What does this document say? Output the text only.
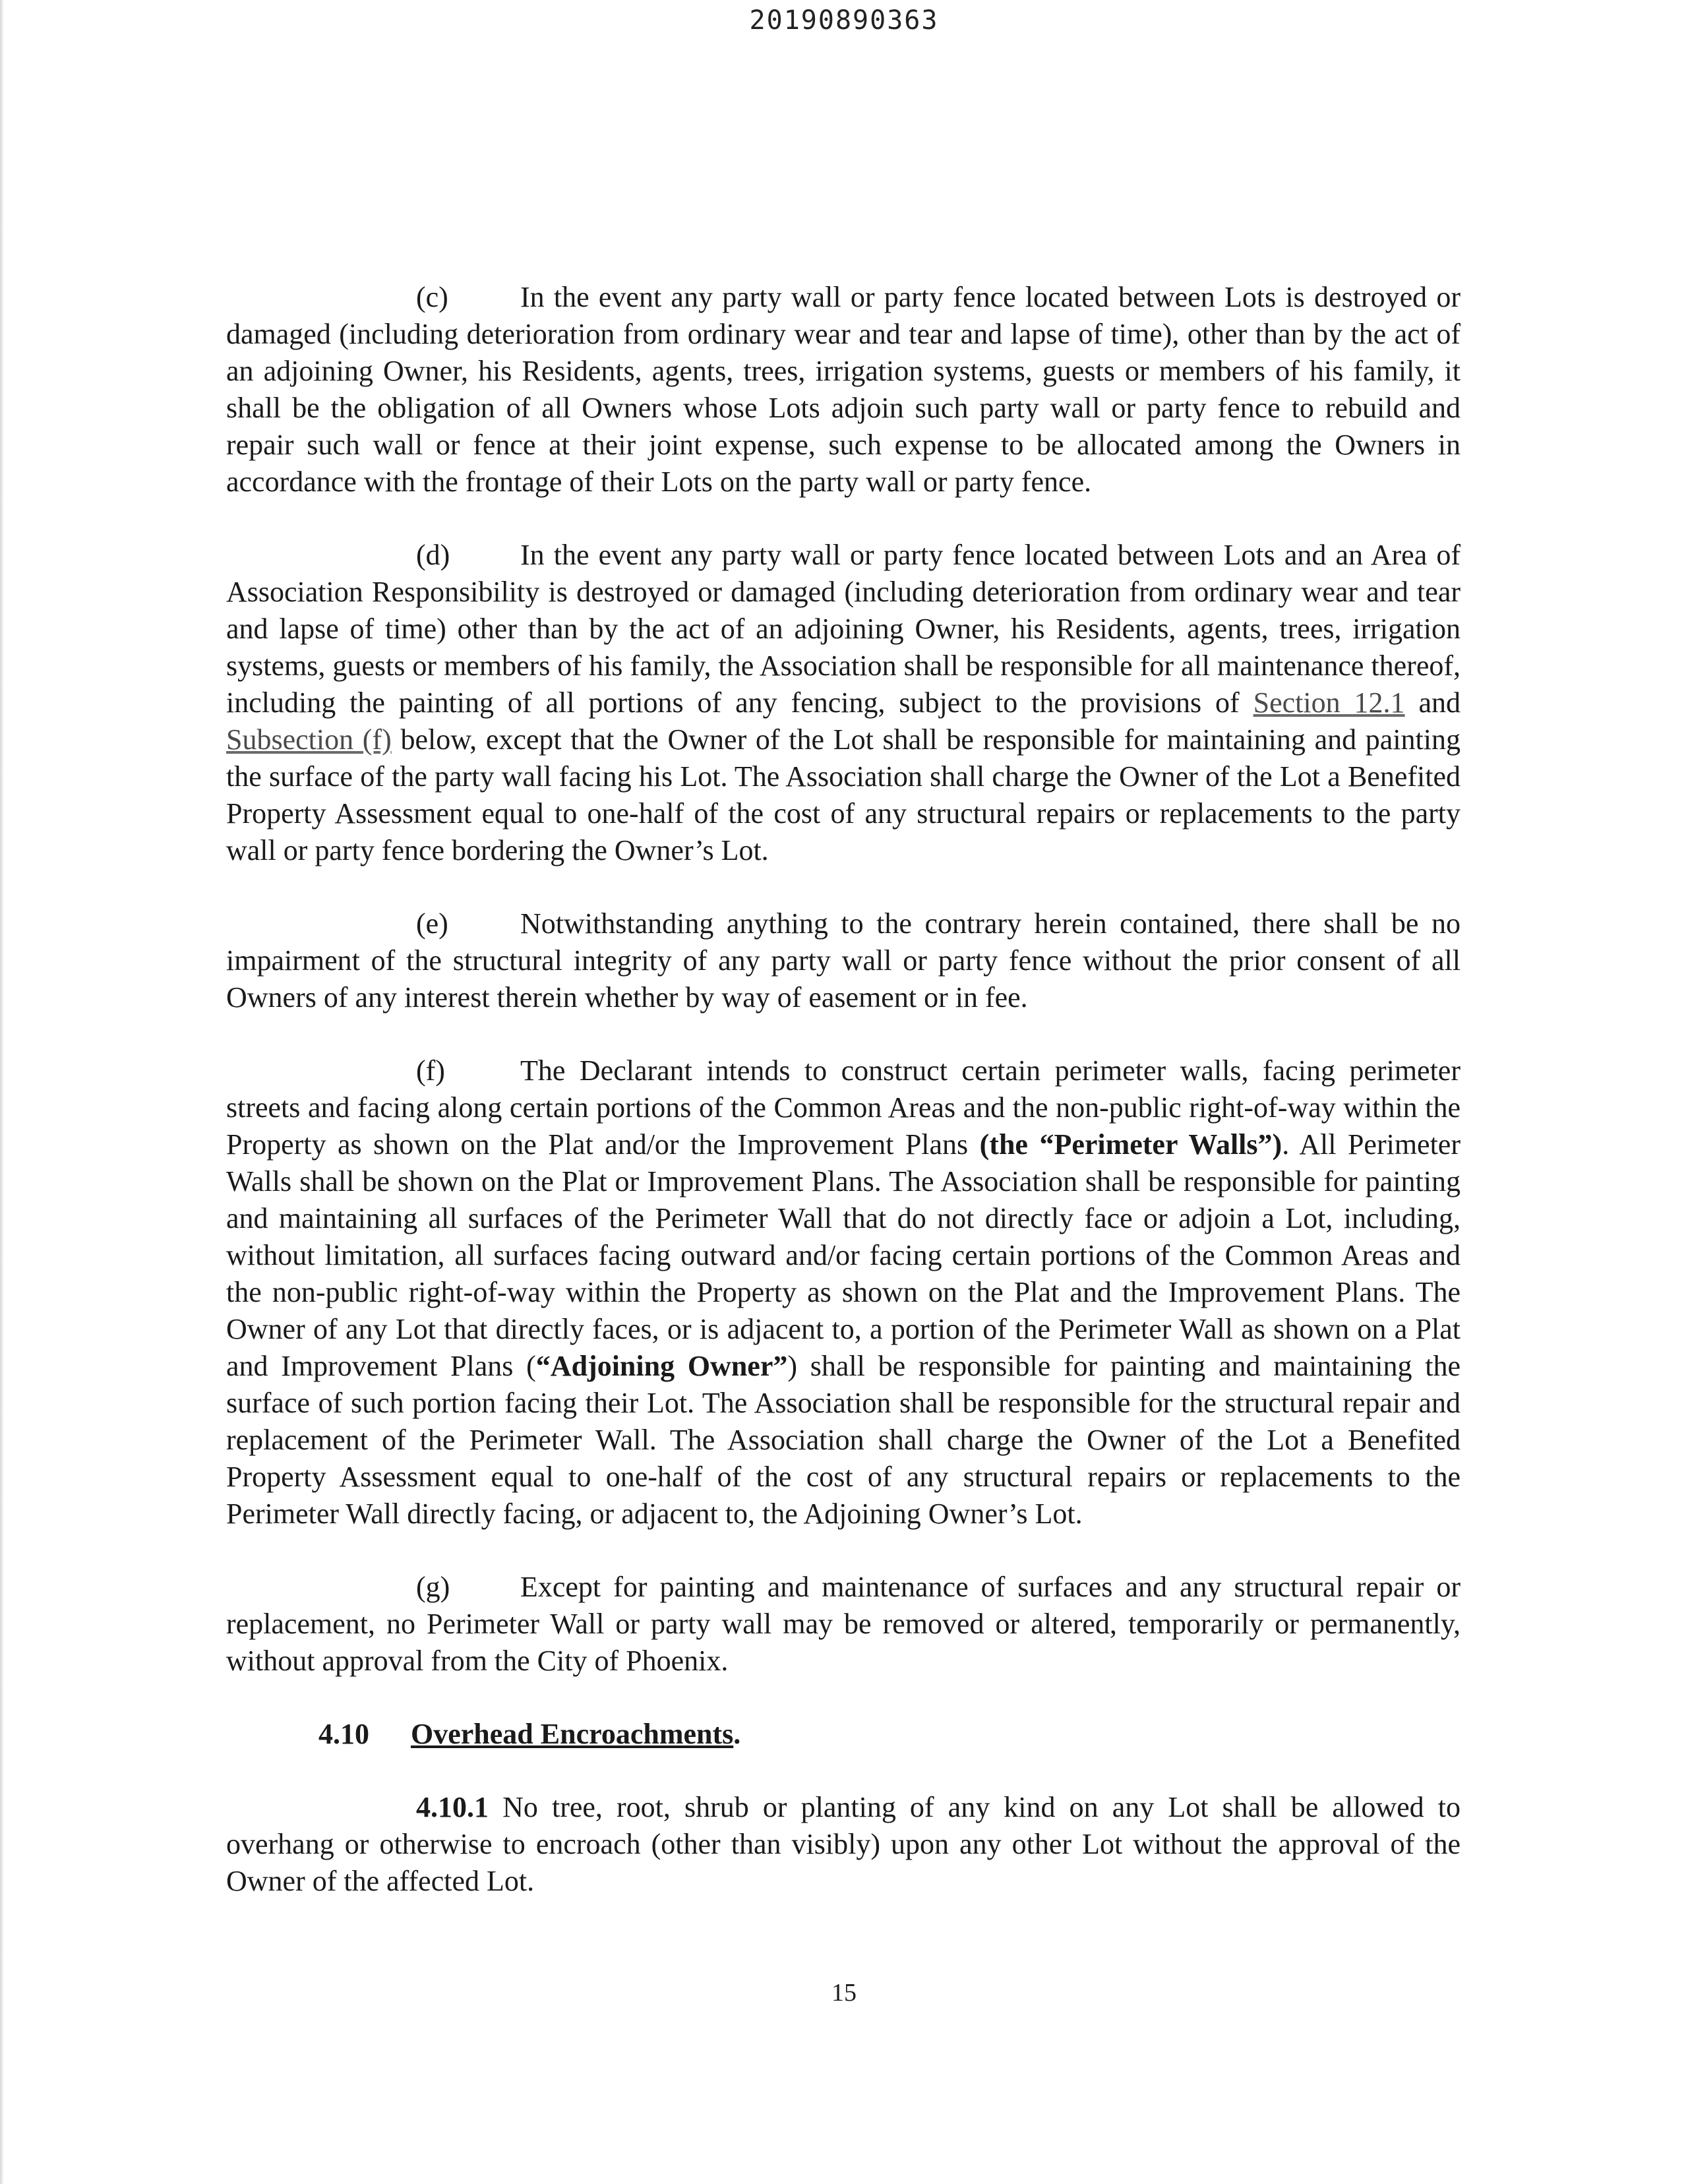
20190890363

(c) In the event any party wall or party fence located between Lots is destroyed or damaged (including deterioration from ordinary wear and tear and lapse of time), other than by the act of an adjoining Owner, his Residents, agents, trees, irrigation systems, guests or members of his family, it shall be the obligation of all Owners whose Lots adjoin such party wall or party fence to rebuild and repair such wall or fence at their joint expense, such expense to be allocated among the Owners in accordance with the frontage of their Lots on the party wall or party fence.

(d) In the event any party wall or party fence located between Lots and an Area of Association Responsibility is destroyed or damaged (including deterioration from ordinary wear and tear and lapse of time) other than by the act of an adjoining Owner, his Residents, agents, trees, irrigation systems, guests or members of his family, the Association shall be responsible for all maintenance thereof, including the painting of all portions of any fencing, subject to the provisions of Section 12.1 and Subsection (f) below, except that the Owner of the Lot shall be responsible for maintaining and painting the surface of the party wall facing his Lot. The Association shall charge the Owner of the Lot a Benefited Property Assessment equal to one-half of the cost of any structural repairs or replacements to the party wall or party fence bordering the Owner’s Lot.

(e) Notwithstanding anything to the contrary herein contained, there shall be no impairment of the structural integrity of any party wall or party fence without the prior consent of all Owners of any interest therein whether by way of easement or in fee.

(f)	The Declarant intends to construct certain perimeter walls, facing perimeter streets and facing along certain portions of the Common Areas and the non-public right-of-way within the Property as shown on the Plat and/or the Improvement Plans (the “Perimeter Walls”). All Perimeter Walls shall be shown on the Plat or Improvement Plans. The Association shall be responsible for painting and maintaining all surfaces of the Perimeter Wall that do not directly face or adjoin a Lot, including, without limitation, all surfaces facing outward and/or facing certain portions of the Common Areas and the non-public right-of-way within the Property as shown on the Plat and the Improvement Plans. The Owner of any Lot that directly faces, or is adjacent to, a portion of the Perimeter Wall as shown on a Plat and Improvement Plans (“Adjoining Owner”) shall be responsible for painting and maintaining the surface of such portion facing their Lot. The Association shall be responsible for the structural repair and replacement of the Perimeter Wall. The Association shall charge the Owner of the Lot a Benefited Property Assessment equal to one-half of the cost of any structural repairs or replacements to the Perimeter Wall directly facing, or adjacent to, the Adjoining Owner’s Lot.

(g) Except for painting and maintenance of surfaces and any structural repair or replacement, no Perimeter Wall or party wall may be removed or altered, temporarily or permanently, without approval from the City of Phoenix.

4.10 Overhead Encroachments.

4.10.1 No tree, root, shrub or planting of any kind on any Lot shall be allowed to overhang or otherwise to encroach (other than visibly) upon any other Lot without the approval of the Owner of the affected Lot.

15
